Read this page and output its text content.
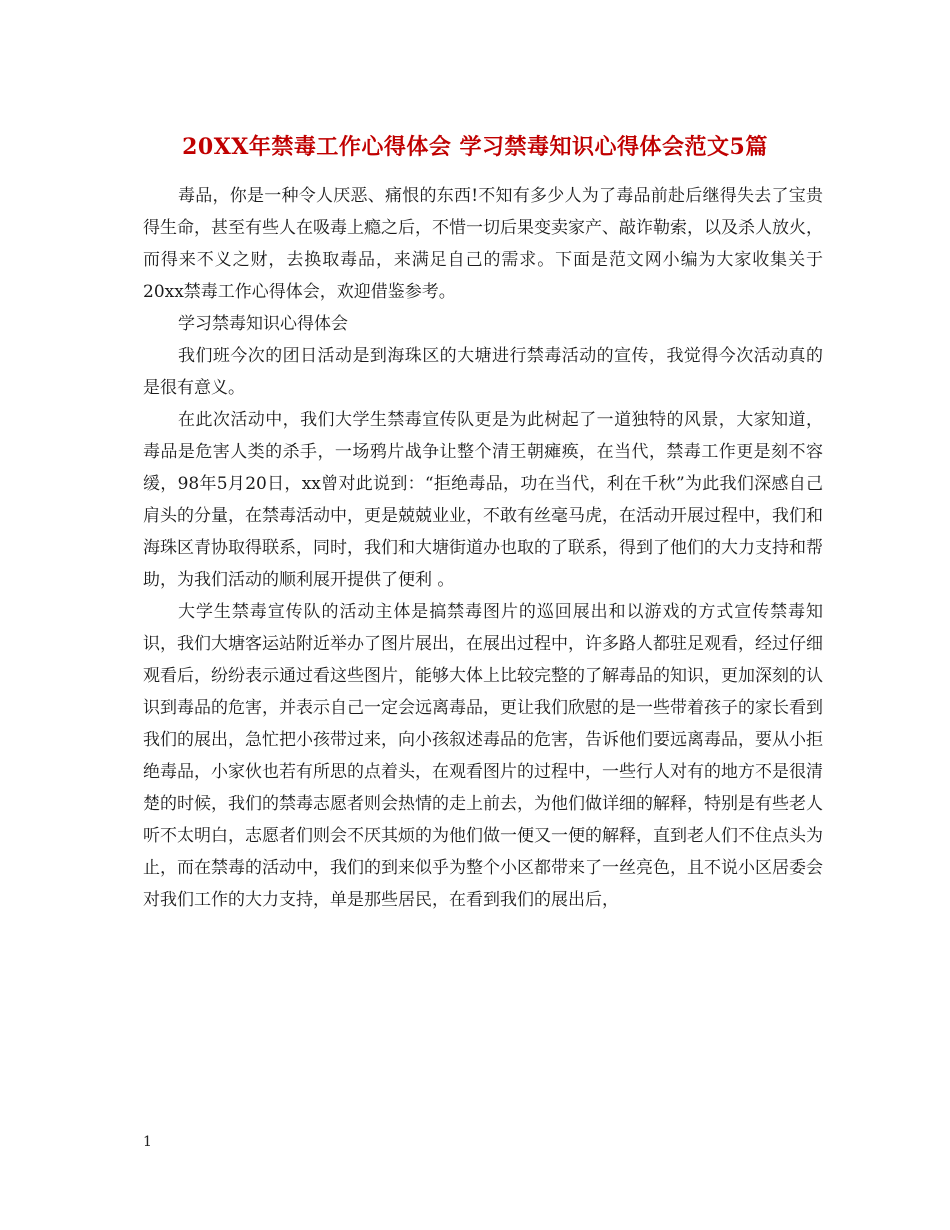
20XX年禁毒工作心得体会 学习禁毒知识心得体会范文5篇

毒品，你是一种令人厌恶、痛恨的东西!不知有多少人为了毒品前赴后继得失去了宝贵得生命，甚至有些人在吸毒上瘾之后，不惜一切后果变卖家产、敲诈勒索，以及杀人放火，而得来不义之财，去换取毒品，来满足自己的需求。下面是范文网小编为大家收集关于20xx禁毒工作心得体会，欢迎借鉴参考。

学习禁毒知识心得体会

我们班今次的团日活动是到海珠区的大塘进行禁毒活动的宣传，我觉得今次活动真的是很有意义。

在此次活动中，我们大学生禁毒宣传队更是为此树起了一道独特的风景，大家知道，毒品是危害人类的杀手，一场鸦片战争让整个清王朝瘫痪，在当代，禁毒工作更是刻不容缓，98年5月20日，xx曾对此说到：“拒绝毒品，功在当代，利在千秋”为此我们深感自己肩头的分量，在禁毒活动中，更是兢兢业业，不敢有丝毫马虎，在活动开展过程中，我们和海珠区青协取得联系，同时，我们和大塘街道办也取的了联系，得到了他们的大力支持和帮助，为我们活动的顺利展开提供了便利 。

大学生禁毒宣传队的活动主体是搞禁毒图片的巡回展出和以游戏的方式宣传禁毒知识，我们大塘客运站附近举办了图片展出，在展出过程中，许多路人都驻足观看，经过仔细观看后，纷纷表示通过看这些图片，能够大体上比较完整的了解毒品的知识，更加深刻的认识到毒品的危害，并表示自己一定会远离毒品，更让我们欣慰的是一些带着孩子的家长看到我们的展出，急忙把小孩带过来，向小孩叙述毒品的危害，告诉他们要远离毒品，要从小拒绝毒品，小家伙也若有所思的点着头，在观看图片的过程中，一些行人对有的地方不是很清楚的时候，我们的禁毒志愿者则会热情的走上前去，为他们做详细的解释，特别是有些老人听不太明白，志愿者们则会不厌其烦的为他们做一便又一便的解释，直到老人们不住点头为止，而在禁毒的活动中，我们的到来似乎为整个小区都带来了一丝亮色，且不说小区居委会对我们工作的大力支持，单是那些居民，在看到我们的展出后，

1
